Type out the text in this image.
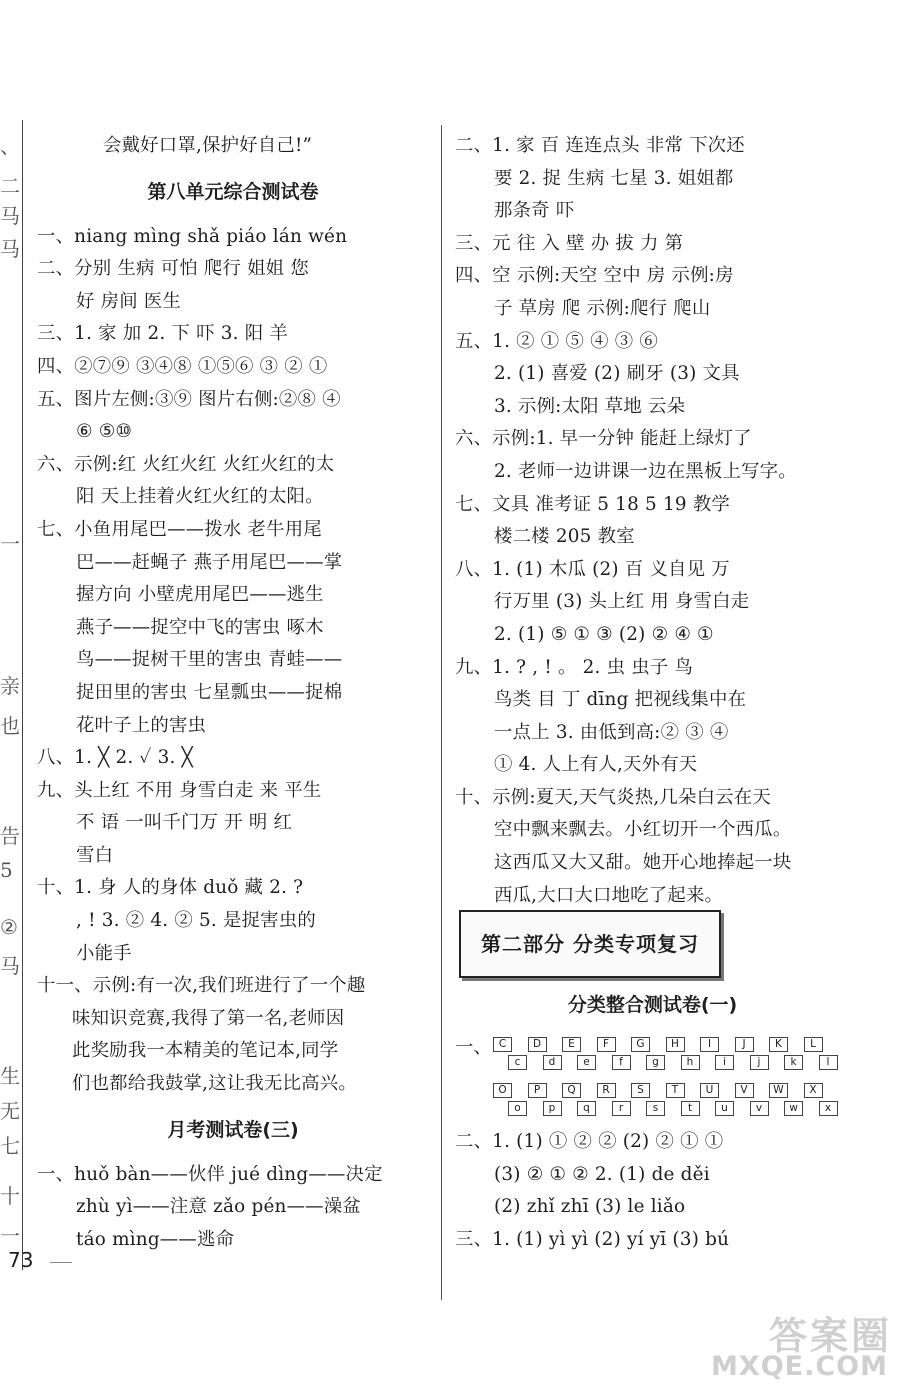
、
二
马
马
一
亲
也
告
5
②
马
生
无
七
十
一
会戴好口罩,保护好自己!”
第八单元综合测试卷
一、niang mìng shǎ piáo lán wén
二、分别 生病 可怕 爬行 姐姐 您
好 房间 医生
三、1. 家 加 2. 下 吓 3. 阳 羊
四、②⑦⑨ ③④⑧ ①⑤⑥ ③ ② ①
五、图片左侧:③⑨ 图片右侧:②⑧ ④
⑥ ⑤⑩
六、示例:红 火红火红 火红火红的太
阳 天上挂着火红火红的太阳。
七、小鱼用尾巴——拨水 老牛用尾
巴——赶蝇子 燕子用尾巴——掌
握方向 小壁虎用尾巴——逃生
燕子——捉空中飞的害虫 啄木
鸟——捉树干里的害虫 青蛙——
捉田里的害虫 七星瓢虫——捉棉
花叶子上的害虫
八、1. ╳ 2. ✓ 3. ╳
九、头上红 不用 身雪白走 来 平生
不 语 一叫千门万 开 明 红
雪白
十、1. 身 人的身体 duǒ 藏 2. ?
, ! 3. ② 4. ② 5. 是捉害虫的
小能手
十一、示例:有一次,我们班进行了一个趣
味知识竞赛,我得了第一名,老师因
此奖励我一本精美的笔记本,同学
们也都给我鼓掌,这让我无比高兴。
月考测试卷(三)
一、huǒ bàn——伙伴 jué dìng——决定
zhù yì——注意 zǎo pén——澡盆
táo mìng——逃命
二、1. 家 百 连连点头 非常 下次还
要 2. 捉 生病 七星 3. 姐姐都
那条奇 吓
三、元 往 入 壁 办 拔 力 第
四、空 示例:天空 空中 房 示例:房
子 草房 爬 示例:爬行 爬山
五、1. ② ① ⑤ ④ ③ ⑥
2. (1) 喜爱 (2) 刷牙 (3) 文具
3. 示例:太阳 草地 云朵
六、示例:1. 早一分钟 能赶上绿灯了
2. 老师一边讲课一边在黑板上写字。
七、文具 准考证 5 18 5 19 教学
楼二楼 205 教室
八、1. (1) 木瓜 (2) 百 义自见 万
行万里 (3) 头上红 用 身雪白走
2. (1) ⑤ ① ③ (2) ② ④ ①
九、1. ? , ! 。 2. 虫 虫子 鸟
鸟类 目 丁 dīng 把视线集中在
一点上 3. 由低到高:② ③ ④
① 4. 人上有人,天外有天
十、示例:夏天,天气炎热,几朵白云在天
空中飘来飘去。小红切开一个西瓜。
这西瓜又大又甜。她开心地捧起一块
西瓜,大口大口地吃了起来。
第二部分 分类专项复习
分类整合测试卷(一)
一、 C	D	E	F	G	H	I	J	K	L
c	d	e	f	g	h	i	j	k	l
O	P	Q	R	S	T	U	V	W	X
o	p	q	r	s	t	u	v	w	x
二、1. (1) ① ② ② (2) ② ① ①
(3) ② ① ② 2. (1) de děi
(2) zhǐ zhī (3) le liǎo
三、1. (1) yì yì (2) yí yī (3) bú
73
答案圈
MXQE.COM
